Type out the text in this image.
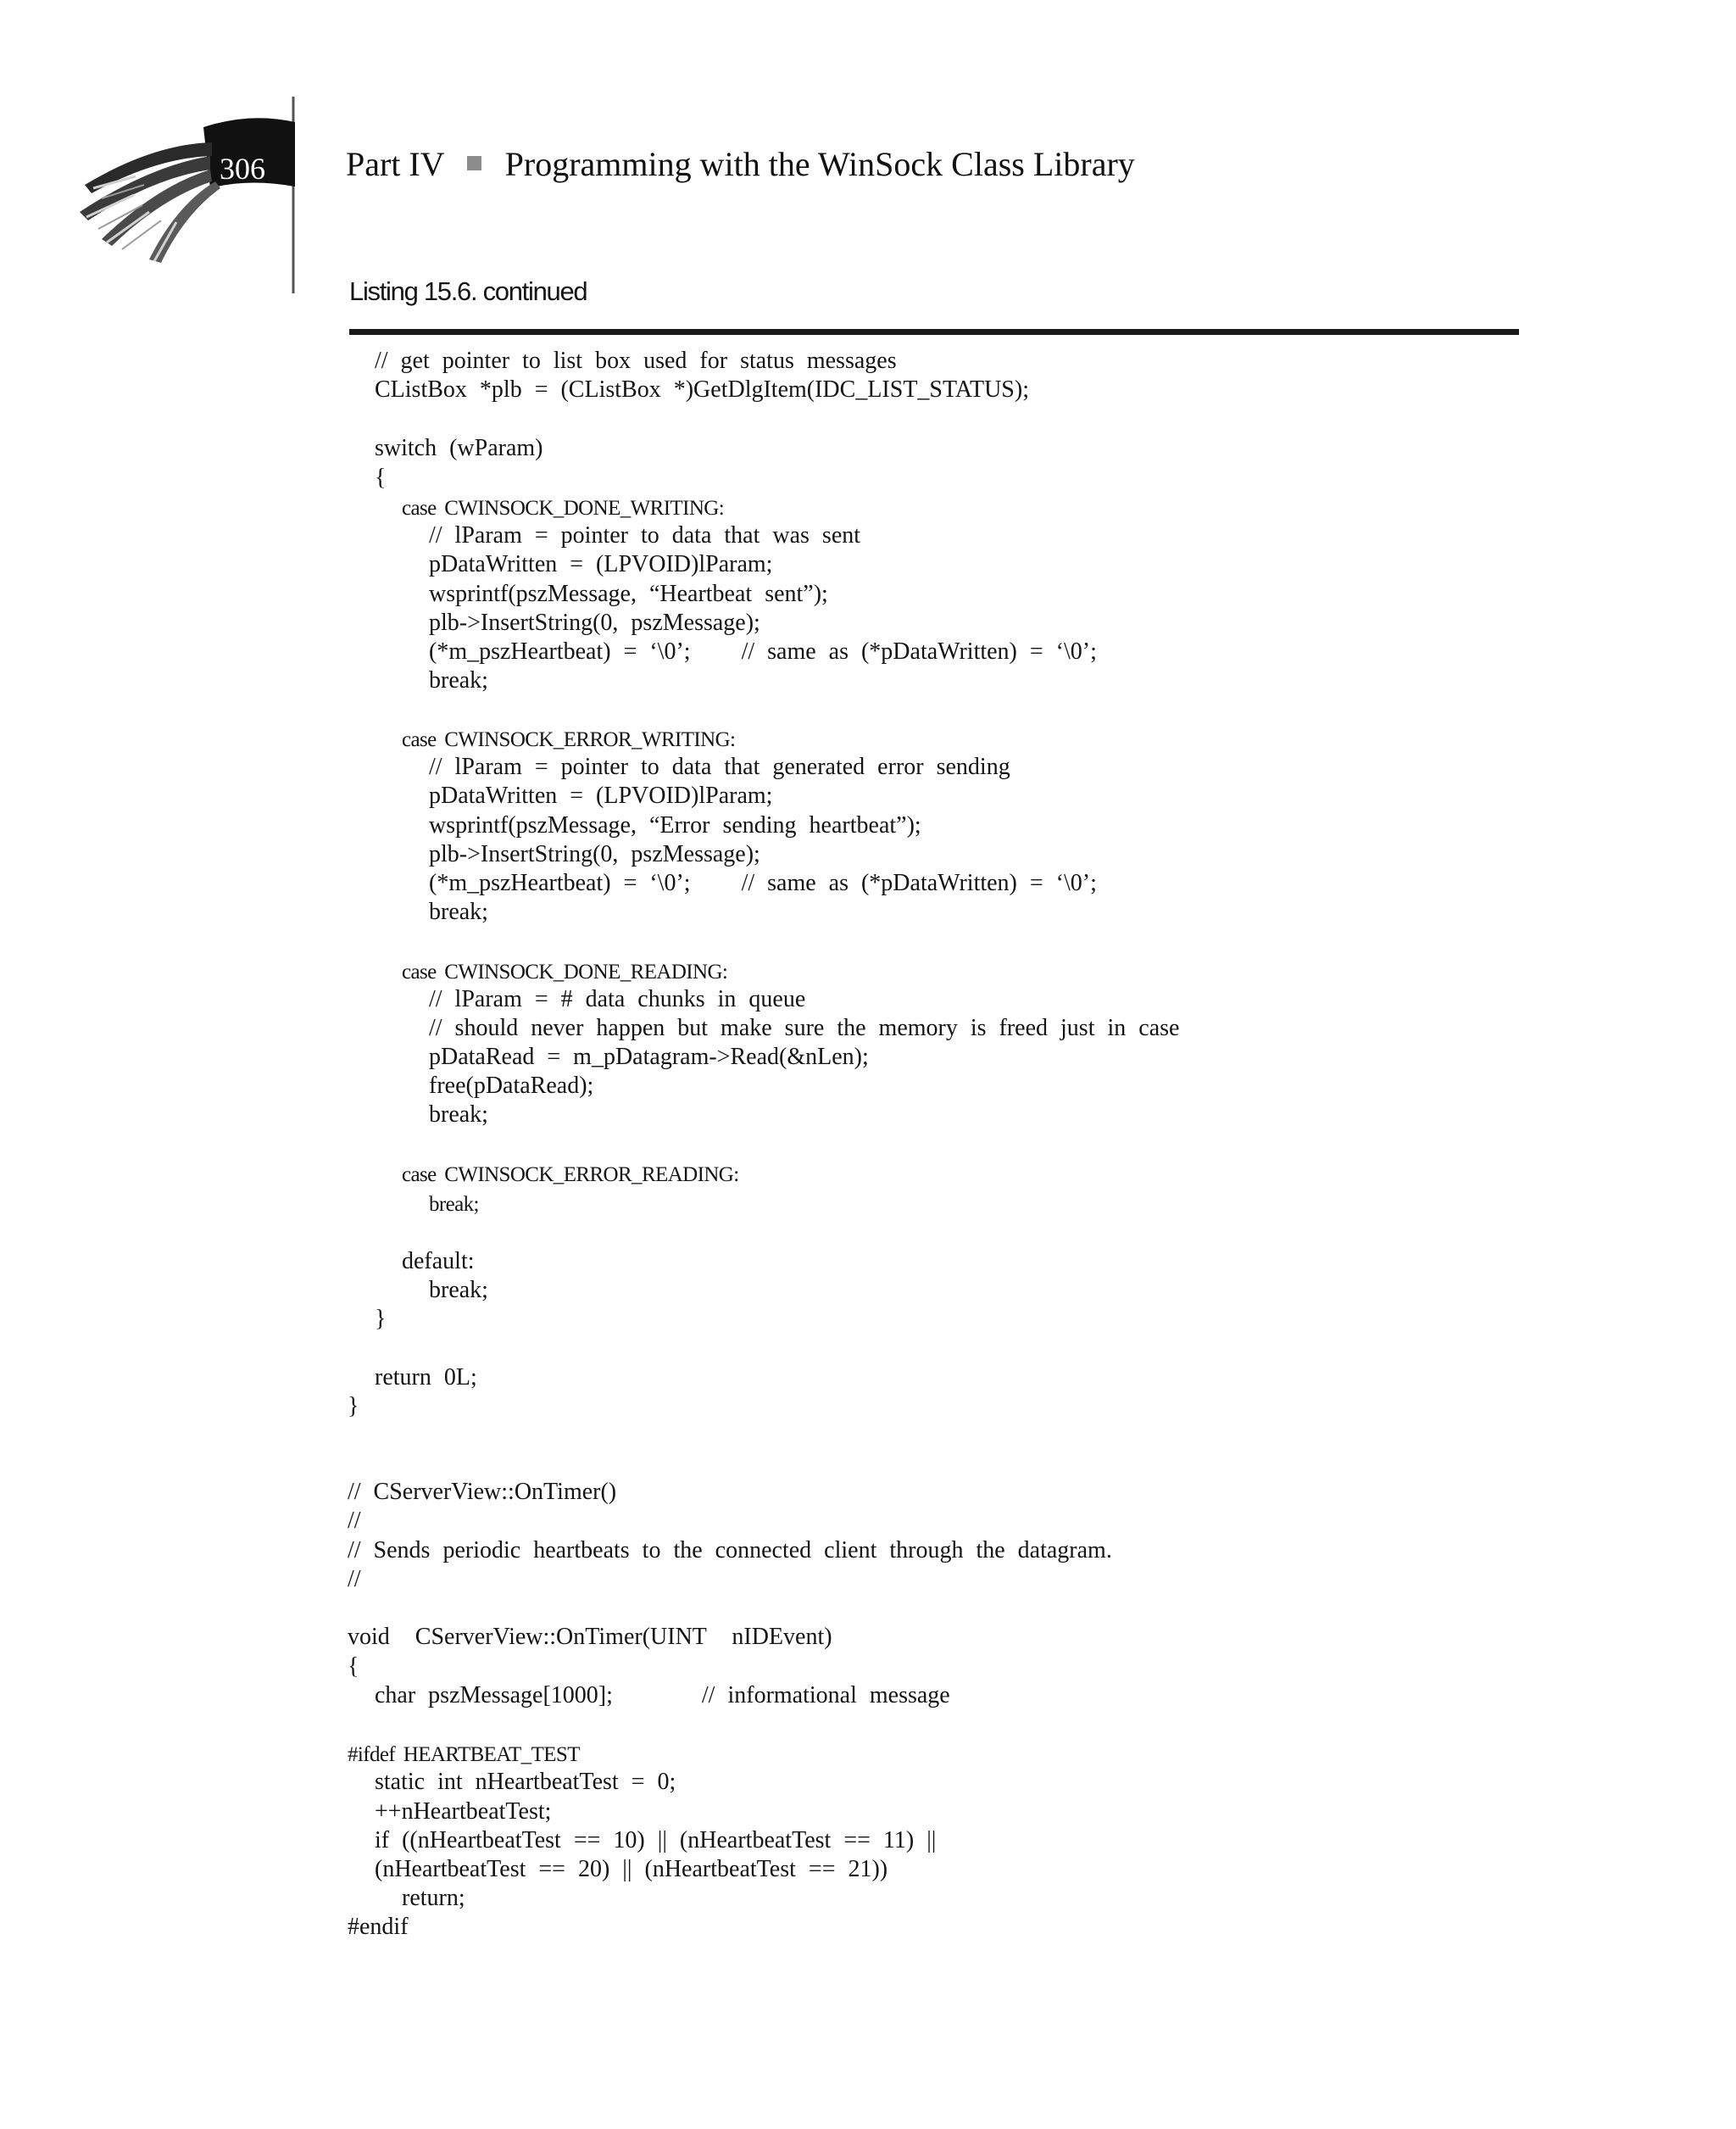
306	Part IV Programming with the WinSock Class Library
Listing 15.6. continued
// get pointer to list box used for status messages
CListBox *plb = (CListBox *)GetDlgItem(IDC_LIST_STATUS);
switch (wParam)
{
case CWINSOCK_DONE_WRITING:
// lParam = pointer to data that was sent
pDataWritten = (LPVOID)lParam;
wsprintf(pszMessage, “Heartbeat sent”);
plb->InsertString(0, pszMessage);
(*m_pszHeartbeat) = ‘\0’;    // same as (*pDataWritten) = ‘\0’;
break;
case CWINSOCK_ERROR_WRITING:
// lParam = pointer to data that generated error sending
pDataWritten = (LPVOID)lParam;
wsprintf(pszMessage, “Error sending heartbeat”);
plb->InsertString(0, pszMessage);
(*m_pszHeartbeat) = ‘\0’;    // same as (*pDataWritten) = ‘\0’;
break;
case CWINSOCK_DONE_READING:
// lParam = # data chunks in queue
// should never happen but make sure the memory is freed just in case
pDataRead = m_pDatagram->Read(&nLen);
free(pDataRead);
break;
case CWINSOCK_ERROR_READING:
break;
default:
break;
}
return 0L;
}
// CServerView::OnTimer()
//
// Sends periodic heartbeats to the connected client through the datagram.
//
void  CServerView::OnTimer(UINT  nIDEvent)
{
char pszMessage[1000];       // informational message
#ifdef HEARTBEAT_TEST
static int nHeartbeatTest = 0;
++nHeartbeatTest;
if ((nHeartbeatTest == 10) || (nHeartbeatTest == 11) ||
(nHeartbeatTest == 20) || (nHeartbeatTest == 21))
return;
#endif
